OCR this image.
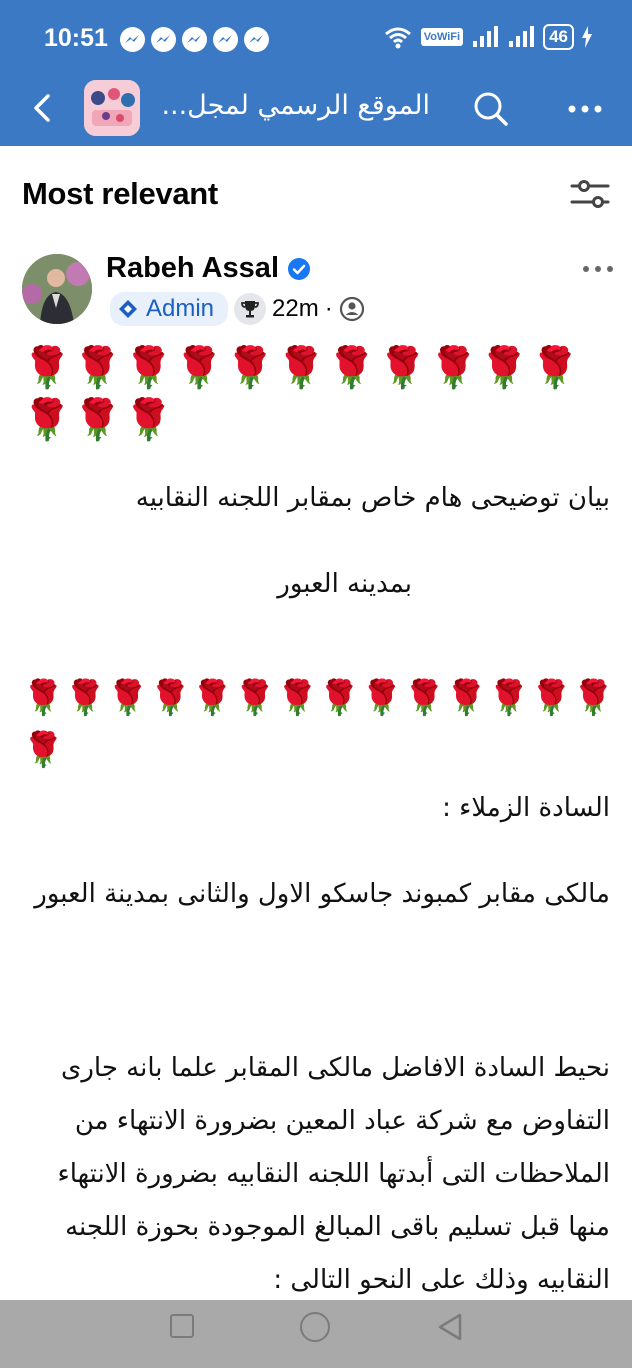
10:51	VoWiFi	46
الموقع الرسمي لمجل...
Most relevant
Rabeh Assal
Admin 22m ·
🌹🌹🌹🌹🌹🌹🌹🌹🌹🌹🌹🌹🌹🌹
بيان توضيحى هام خاص بمقابر اللجنه النقابيه
بمدينه العبور
🌹🌹🌹🌹🌹🌹🌹🌹🌹🌹🌹🌹🌹🌹🌹
السادة الزملاء :
مالكى مقابر كمبوند جاسكو الاول والثانى بمدينة العبور
نحيط السادة الافاضل مالكى المقابر علما بانه جارى التفاوض مع شركة عباد المعين بضرورة الانتهاء من الملاحظات التى أبدتها اللجنه النقابيه بضرورة الانتهاء منها قبل تسليم باقى المبالغ الموجودة بحوزة اللجنه النقابيه وذلك على النحو التالى :
